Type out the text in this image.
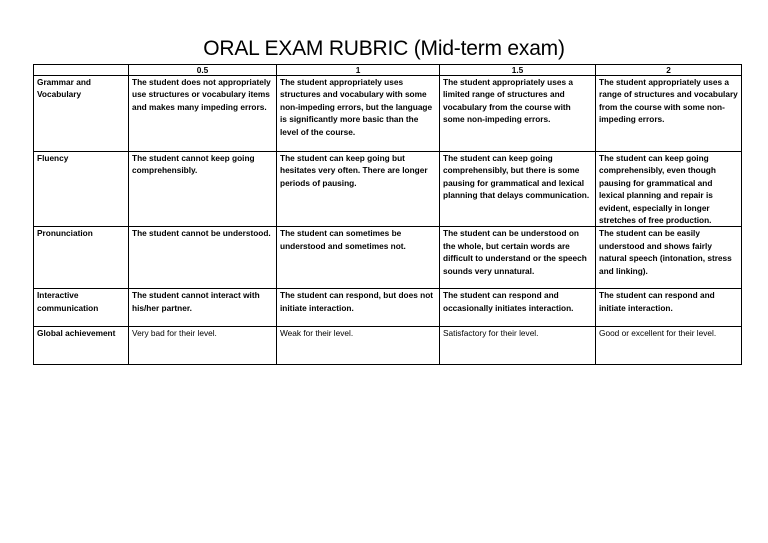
ORAL EXAM RUBRIC (Mid-term exam)
	0.5	1	1.5	2
Grammar and Vocabulary	The student does not appropriately use structures or vocabulary items and makes many impeding errors.	The student appropriately uses structures and vocabulary with some non-impeding errors, but the language is significantly more basic than the level of the course.	The student appropriately uses a limited range of structures and vocabulary from the course with some non-impeding errors.	The student appropriately uses a range of structures and vocabulary from the course with some non-impeding errors.
Fluency	The student cannot keep going comprehensibly.	The student can keep going but hesitates very often. There are longer periods of pausing.	The student can keep going comprehensibly, but there is some pausing for grammatical and lexical planning that delays communication.	The student can keep going comprehensibly, even though pausing for grammatical and lexical planning and repair is evident, especially in longer stretches of free production.
Pronunciation	The student cannot be understood.	The student can sometimes be understood and sometimes not.	The student can be understood on the whole, but certain words are difficult to understand or the speech sounds very unnatural.	The student can be easily understood and shows fairly natural speech (intonation, stress and linking).
Interactive communication	The student cannot interact with his/her partner.	The student can respond, but does not initiate interaction.	The student can respond and occasionally initiates interaction.	The student can respond and initiate interaction.
Global achievement	Very bad for their level.	Weak for their level.	Satisfactory for their level.	Good or excellent for their level.
